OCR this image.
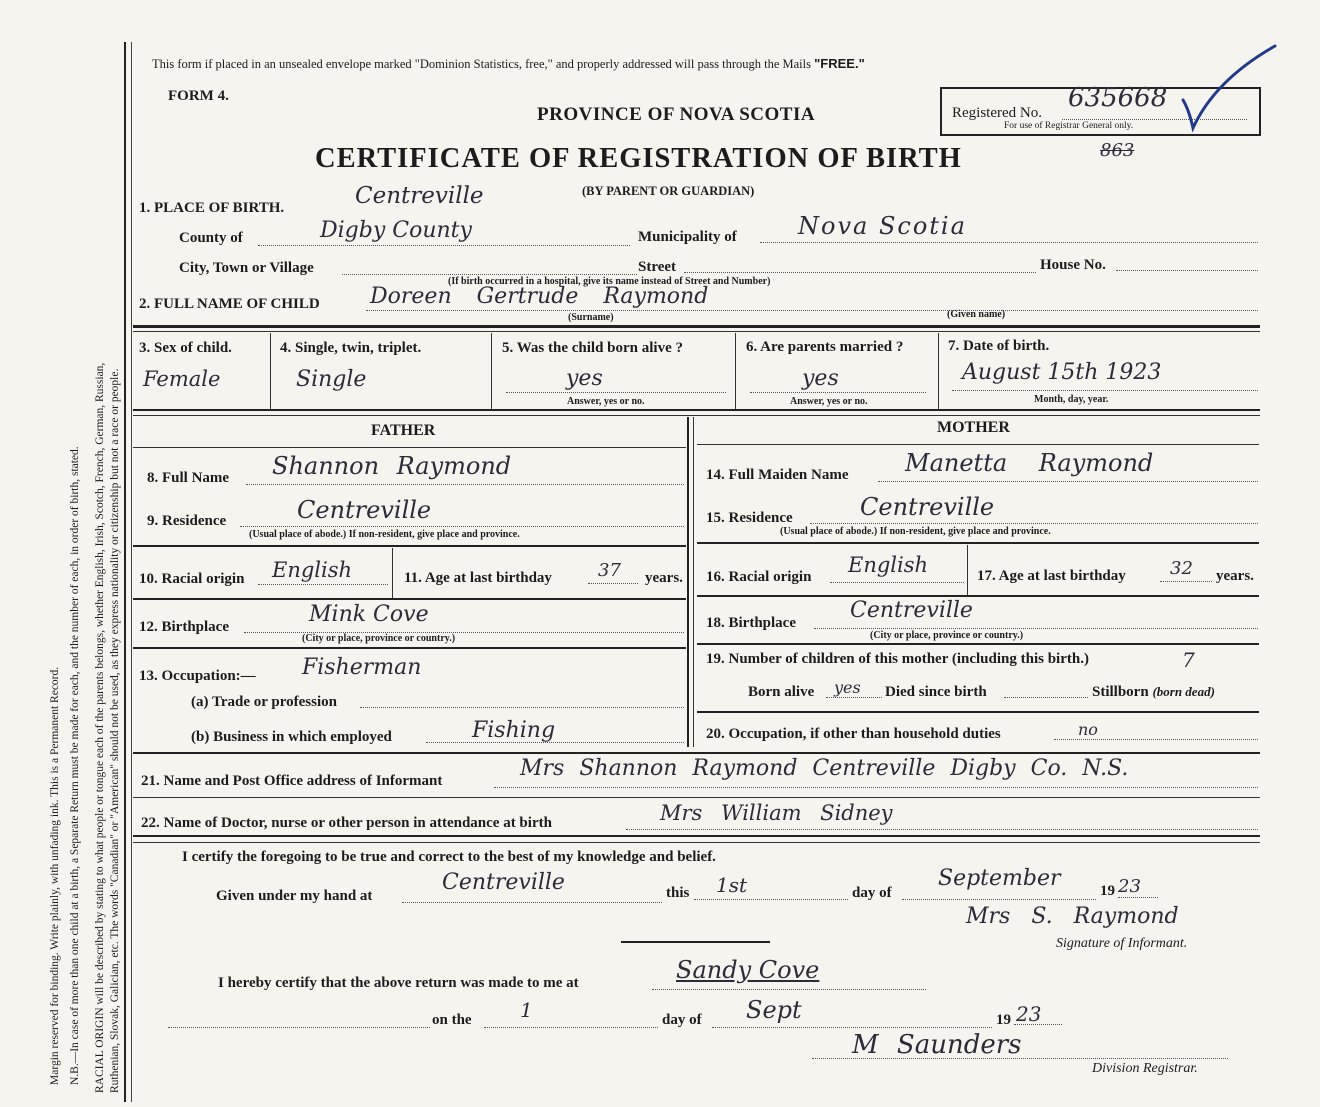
Margin reserved for binding. Write plainly, with unfading ink. This is a Permanent Record. N.B.—In case of more than one child at a birth, a Separate Return must be made for each, and the number of each, in order of birth, stated. RACIAL ORIGIN will be described by stating to what people or tongue each of the parents belongs, whether English, Irish, Scotch, French, German, Russian, Ruthenian, Slovak, Galician, etc. The words "Canadian" or "American" should not be used, as they express nationality or citizenship but not a race or people.
This form if placed in an unsealed envelope marked "Dominion Statistics, free," and properly addressed will pass through the Mails "FREE."
FORM 4.
PROVINCE OF NOVA SCOTIA
CERTIFICATE OF REGISTRATION OF BIRTH
(BY PARENT OR GUARDIAN)
863
Registered No. 635668
For use of Registrar General only.
1. PLACE OF BIRTH.	Centreville
County of	Digby County	Municipality of	Nova Scotia
City, Town or Village	Street	House No.
(If birth occurred in a hospital, give its name instead of Street and Number)
2. FULL NAME OF CHILD Doreen Gertrude Raymond
(Surname)	(Given name)
3. Sex of child.
Female
4. Single, twin, triplet.
Single
5. Was the child born alive ?
yes
Answer, yes or no.
6. Are parents married ?
yes
Answer, yes or no.
7. Date of birth.
August 15th 1923
Month, day, year.
FATHER	MOTHER
8. Full Name Shannon Raymond
9. Residence	Centreville
(Usual place of abode.) If non-resident, give place and province.
10. Racial origin English	11. Age at last birthday	37 years.
12. Birthplace	Mink Cove
(City or place, province or country.)
13. Occupation:— Fisherman
(a) Trade or profession
(b) Business in which employed	Fishing
14. Full Maiden Name Manetta Raymond
15. Residence	Centreville
(Usual place of abode.) If non-resident, give place and province.
16. Racial origin English	17. Age at last birthday 32 years.
18. Birthplace Centreville
(City or place, province or country.)
19. Number of children of this mother (including this birth.)	7
Born alive yes Died since birth	Stillborn (born dead)
20. Occupation, if other than household duties	no
21. Name and Post Office address of Informant	Mrs Shannon Raymond Centreville Digby Co. N.S.
22. Name of Doctor, nurse or other person in attendance at birth	Mrs William Sidney
I certify the foregoing to be true and correct to the best of my knowledge and belief.
Given under my hand at
Centreville	this 1st	day of
September	19 23
Mrs S. Raymond
Signature of Informant.
I hereby certify that the above return was made to me at	Sandy Cove
on the 1	day of Sept	19 23
M Saunders
Division Registrar.
